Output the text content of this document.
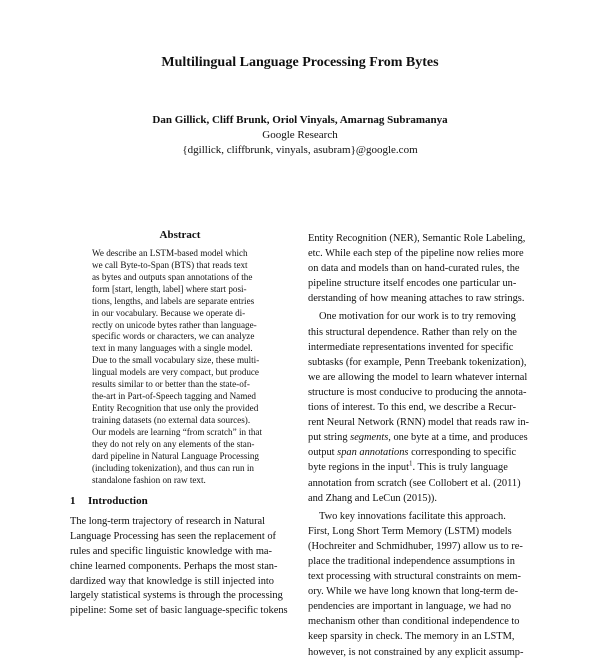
Multilingual Language Processing From Bytes
Dan Gillick, Cliff Brunk, Oriol Vinyals, Amarnag Subramanya
Google Research
{dgillick, cliffbrunk, vinyals, asubram}@google.com
Abstract
We describe an LSTM-based model which
we call Byte-to-Span (BTS) that reads text
as bytes and outputs span annotations of the
form [start, length, label] where start posi-
tions, lengths, and labels are separate entries
in our vocabulary. Because we operate di-
rectly on unicode bytes rather than language-
specific words or characters, we can analyze
text in many languages with a single model.
Due to the small vocabulary size, these multi-
lingual models are very compact, but produce
results similar to or better than the state-of-
the-art in Part-of-Speech tagging and Named
Entity Recognition that use only the provided
training datasets (no external data sources).
Our models are learning “from scratch” in that
they do not rely on any elements of the stan-
dard pipeline in Natural Language Processing
(including tokenization), and thus can run in
standalone fashion on raw text.
1 Introduction
The long-term trajectory of research in Natural
Language Processing has seen the replacement of
rules and specific linguistic knowledge with ma-
chine learned components. Perhaps the most stan-
dardized way that knowledge is still injected into
largely statistical systems is through the processing
pipeline: Some set of basic language-specific tokens
Entity Recognition (NER), Semantic Role Labeling,
etc. While each step of the pipeline now relies more
on data and models than on hand-curated rules, the
pipeline structure itself encodes one particular un-
derstanding of how meaning attaches to raw strings.
One motivation for our work is to try removing
this structural dependence. Rather than rely on the
intermediate representations invented for specific
subtasks (for example, Penn Treebank tokenization),
we are allowing the model to learn whatever internal
structure is most conducive to producing the annota-
tions of interest. To this end, we describe a Recur-
rent Neural Network (RNN) model that reads raw in-
put string segments, one byte at a time, and produces
output span annotations corresponding to specific
byte regions in the input$^1$. This is truly language
annotation from scratch (see Collobert et al. (2011)
and Zhang and LeCun (2015)).
Two key innovations facilitate this approach.
First, Long Short Term Memory (LSTM) models
(Hochreiter and Schmidhuber, 1997) allow us to re-
place the traditional independence assumptions in
text processing with structural constraints on mem-
ory. While we have long known that long-term de-
pendencies are important in language, we had no
mechanism other than conditional independence to
keep sparsity in check. The memory in an LSTM,
however, is not constrained by any explicit assump-
